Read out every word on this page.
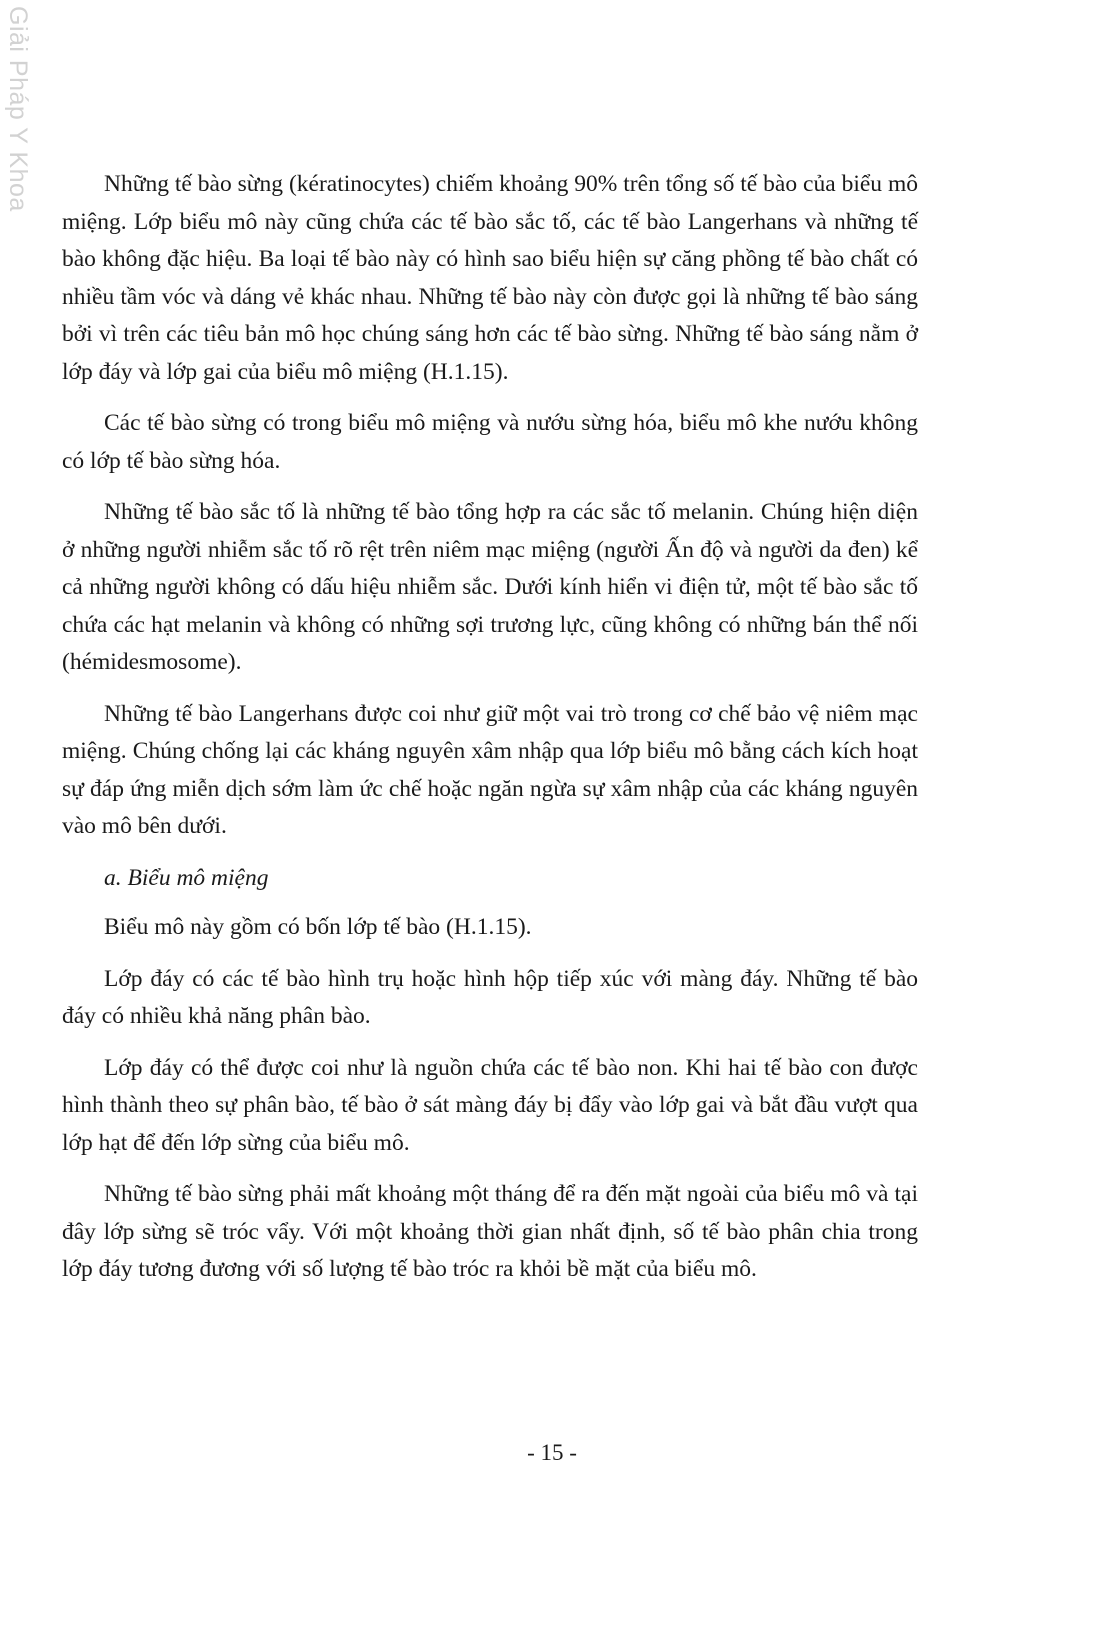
Giải Pháp Y Khoa	Những tế bào sừng (kératinocytes) chiếm khoảng 90% trên tổng số tế bào của biểu mô miệng. Lớp biểu mô này cũng chứa các tế bào sắc tố, các tế bào Langerhans và những tế bào không đặc hiệu. Ba loại tế bào này có hình sao biểu hiện sự căng phồng tế bào chất có nhiều tầm vóc và dáng vẻ khác nhau. Những tế bào này còn được gọi là những tế bào sáng bởi vì trên các tiêu bản mô học chúng sáng hơn các tế bào sừng. Những tế bào sáng nằm ở lớp đáy và lớp gai của biểu mô miệng (H.1.15).

Các tế bào sừng có trong biểu mô miệng và nướu sừng hóa, biểu mô khe nướu không có lớp tế bào sừng hóa.

Những tế bào sắc tố là những tế bào tổng hợp ra các sắc tố melanin. Chúng hiện diện ở những người nhiễm sắc tố rõ rệt trên niêm mạc miệng (người Ấn độ và người da đen) kể cả những người không có dấu hiệu nhiễm sắc. Dưới kính hiển vi điện tử, một tế bào sắc tố chứa các hạt melanin và không có những sợi trương lực, cũng không có những bán thể nối (hémidesmosome).

Những tế bào Langerhans được coi như giữ một vai trò trong cơ chế bảo vệ niêm mạc miệng. Chúng chống lại các kháng nguyên xâm nhập qua lớp biểu mô bằng cách kích hoạt sự đáp ứng miễn dịch sớm làm ức chế hoặc ngăn ngừa sự xâm nhập của các kháng nguyên vào mô bên dưới.

a. Biểu mô miệng

Biểu mô này gồm có bốn lớp tế bào (H.1.15).

Lớp đáy có các tế bào hình trụ hoặc hình hộp tiếp xúc với màng đáy. Những tế bào đáy có nhiều khả năng phân bào.

Lớp đáy có thể được coi như là nguồn chứa các tế bào non. Khi hai tế bào con được hình thành theo sự phân bào, tế bào ở sát màng đáy bị đẩy vào lớp gai và bắt đầu vượt qua lớp hạt để đến lớp sừng của biểu mô.

Những tế bào sừng phải mất khoảng một tháng để ra đến mặt ngoài của biểu mô và tại đây lớp sừng sẽ tróc vẩy. Với một khoảng thời gian nhất định, số tế bào phân chia trong lớp đáy tương đương với số lượng tế bào tróc ra khỏi bề mặt của biểu mô.

- 15 -
